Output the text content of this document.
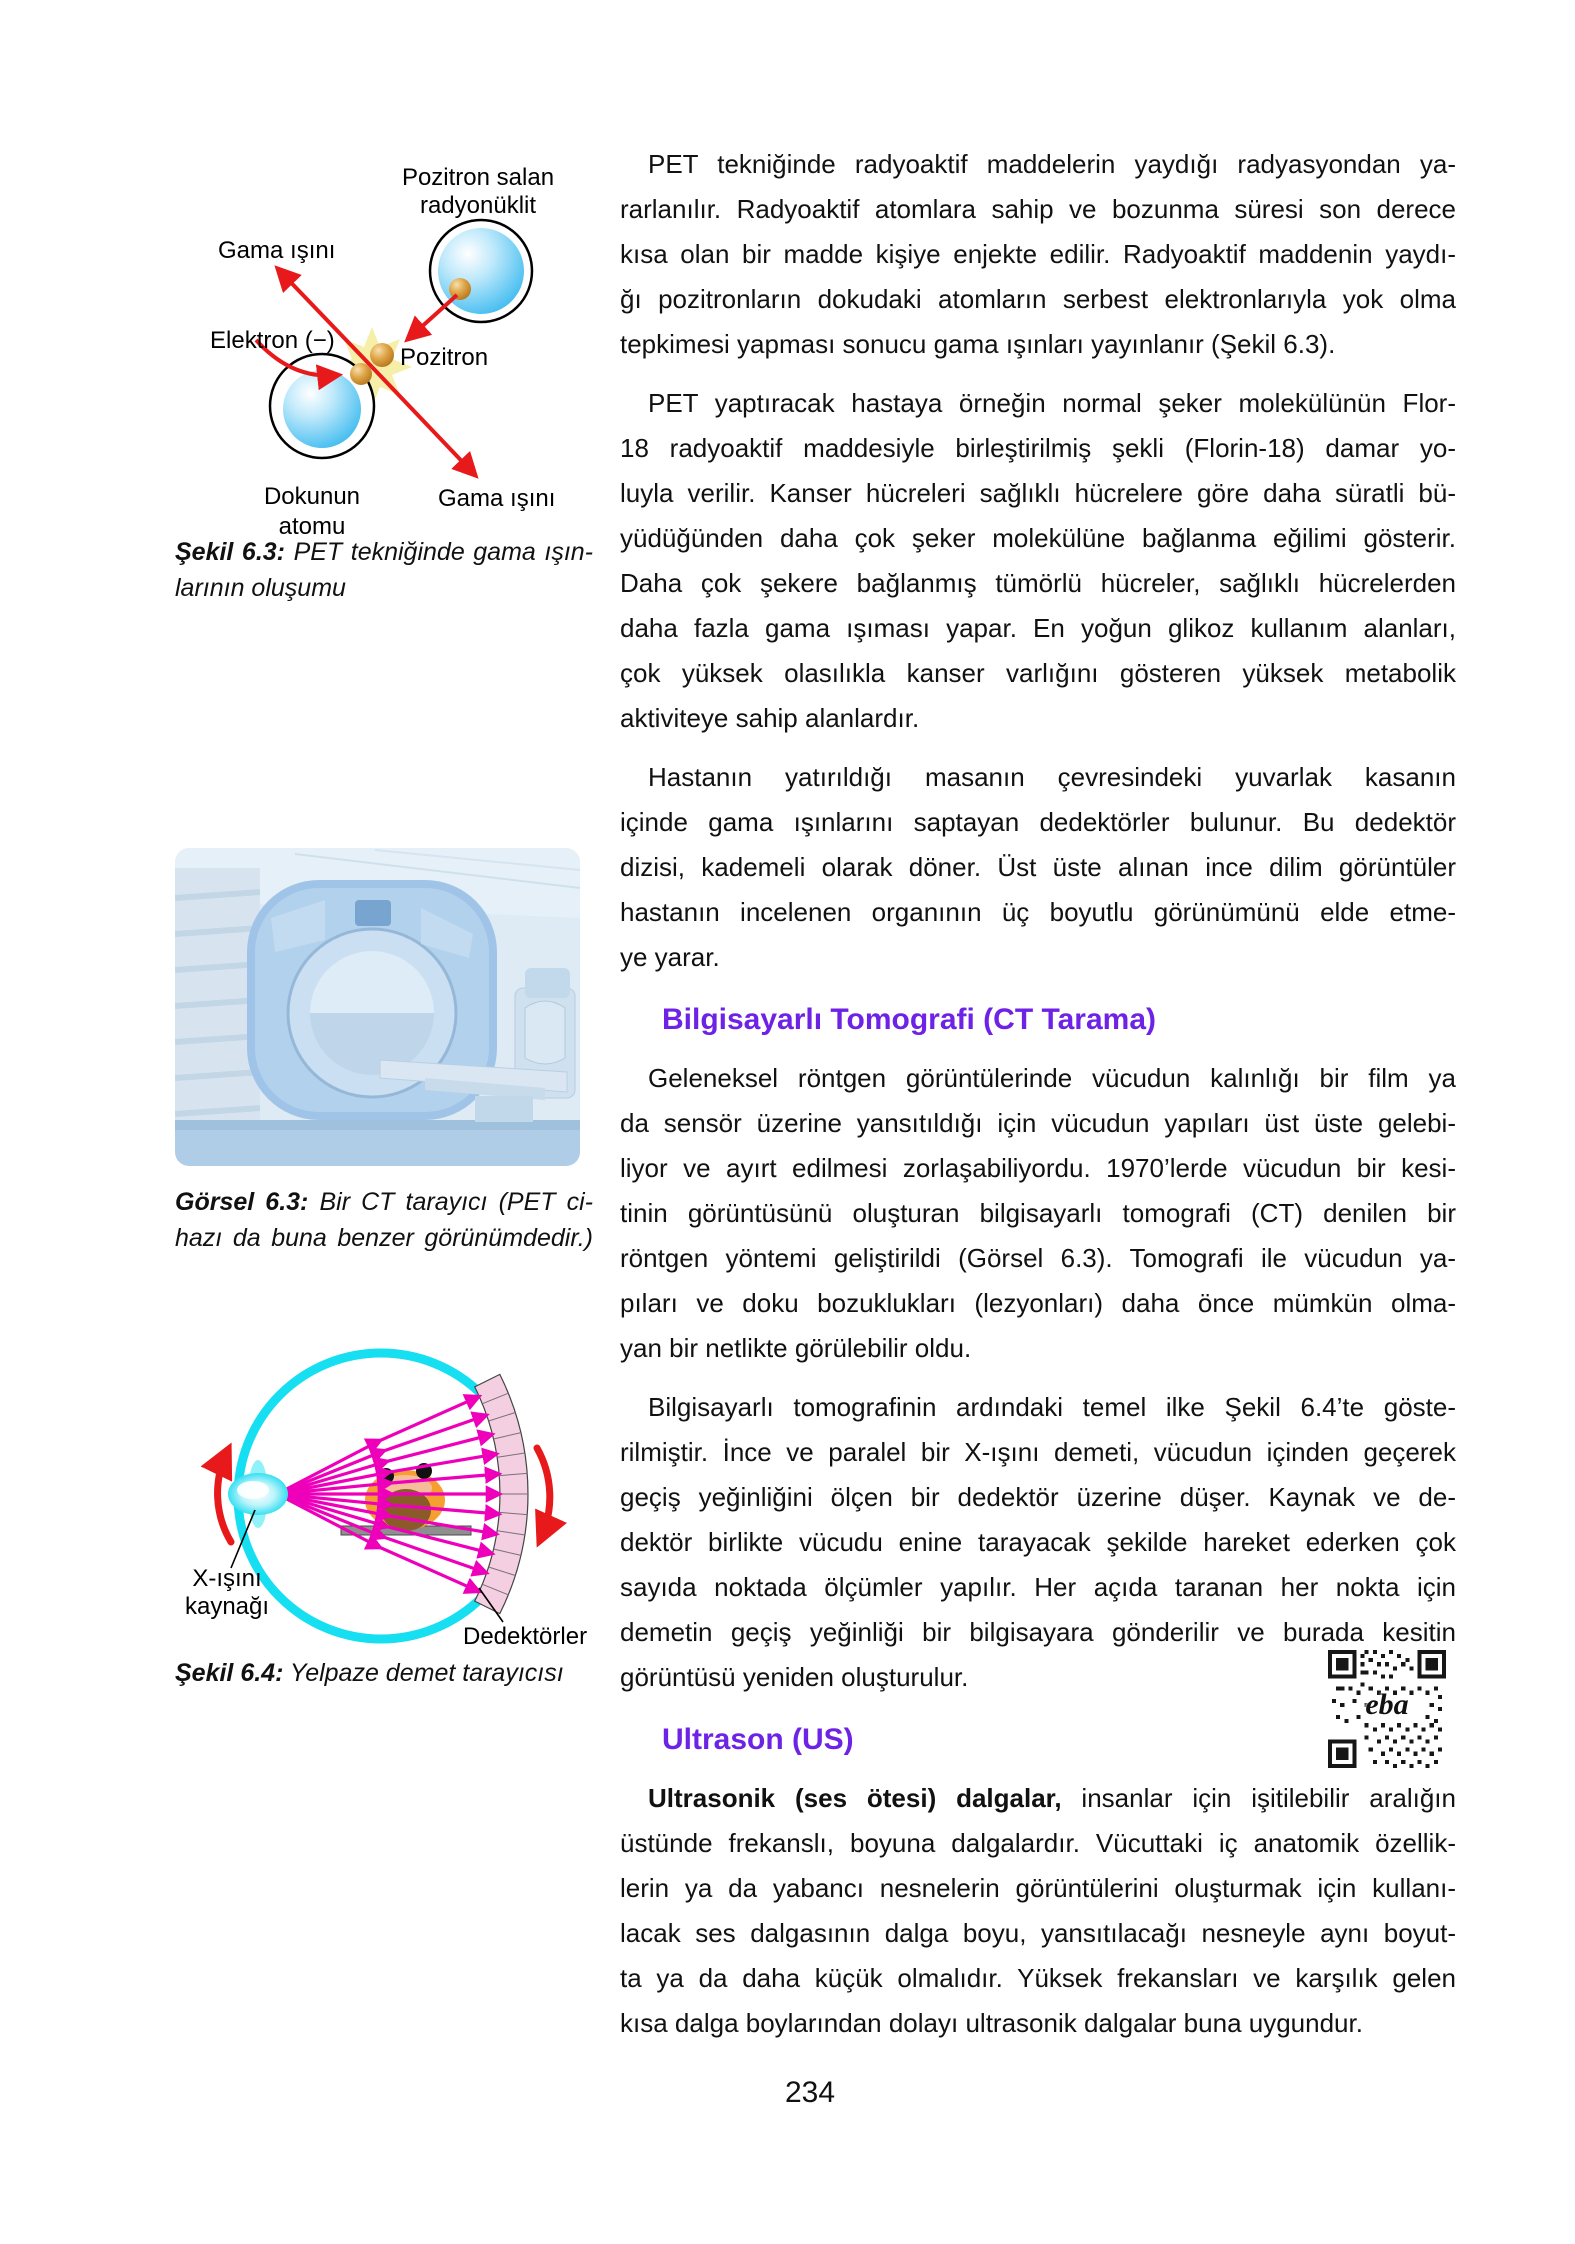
Pozitron salan
radyonüklit
Gama ışını
Elektron (−)
Pozitron
Dokunun
atomu
Gama ışını
Şekil 6.3: PET tekniğinde gama ışın-
larının oluşumu
Görsel 6.3: Bir CT tarayıcı (PET ci-
hazı da buna benzer görünümdedir.)
X-ışını
kaynağı
Dedektörler
Şekil 6.4: Yelpaze demet tarayıcısı
PET tekniğinde radyoaktif maddelerin yaydığı radyasyondan ya-
rarlanılır. Radyoaktif atomlara sahip ve bozunma süresi son derece
kısa olan bir madde kişiye enjekte edilir. Radyoaktif maddenin yaydı-
ğı pozitronların dokudaki atomların serbest elektronlarıyla yok olma
tepkimesi yapması sonucu gama ışınları yayınlanır (Şekil 6.3).
PET yaptıracak hastaya örneğin normal şeker molekülünün Flor-
18 radyoaktif maddesiyle birleştirilmiş şekli (Florin-18) damar yo-
luyla verilir. Kanser hücreleri sağlıklı hücrelere göre daha süratli bü-
yüdüğünden daha çok şeker molekülüne bağlanma eğilimi gösterir.
Daha çok şekere bağlanmış tümörlü hücreler, sağlıklı hücrelerden
daha fazla gama ışıması yapar. En yoğun glikoz kullanım alanları,
çok yüksek olasılıkla kanser varlığını gösteren yüksek metabolik
aktiviteye sahip alanlardır.
Hastanın yatırıldığı masanın çevresindeki yuvarlak kasanın
içinde gama ışınlarını saptayan dedektörler bulunur. Bu dedektör
dizisi, kademeli olarak döner. Üst üste alınan ince dilim görüntüler
hastanın incelenen organının üç boyutlu görünümünü elde etme-
ye yarar.
Bilgisayarlı Tomografi (CT Tarama)
Geleneksel röntgen görüntülerinde vücudun kalınlığı bir film ya
da sensör üzerine yansıtıldığı için vücudun yapıları üst üste gelebi-
liyor ve ayırt edilmesi zorlaşabiliyordu. 1970’lerde vücudun bir kesi-
tinin görüntüsünü oluşturan bilgisayarlı tomografi (CT) denilen bir
röntgen yöntemi geliştirildi (Görsel 6.3). Tomografi ile vücudun ya-
pıları ve doku bozuklukları (lezyonları) daha önce mümkün olma-
yan bir netlikte görülebilir oldu.
Bilgisayarlı tomografinin ardındaki temel ilke Şekil 6.4’te göste-
rilmiştir. İnce ve paralel bir X-ışını demeti, vücudun içinden geçerek
geçiş yeğinliğini ölçen bir dedektör üzerine düşer. Kaynak ve de-
dektör birlikte vücudu enine tarayacak şekilde hareket ederken çok
sayıda noktada ölçümler yapılır. Her açıda taranan her nokta için
demetin geçiş yeğinliği bir bilgisayara gönderilir ve burada kesitin
görüntüsü yeniden oluşturulur.
Ultrason (US)
Ultrasonik (ses ötesi) dalgalar, insanlar için işitilebilir aralığın
üstünde frekanslı, boyuna dalgalardır. Vücuttaki iç anatomik özellik-
lerin ya da yabancı nesnelerin görüntülerini oluşturmak için kullanı-
lacak ses dalgasının dalga boyu, yansıtılacağı nesneyle aynı boyut-
ta ya da daha küçük olmalıdır. Yüksek frekansları ve karşılık gelen
kısa dalga boylarından dolayı ultrasonik dalgalar buna uygundur.
eba
234
